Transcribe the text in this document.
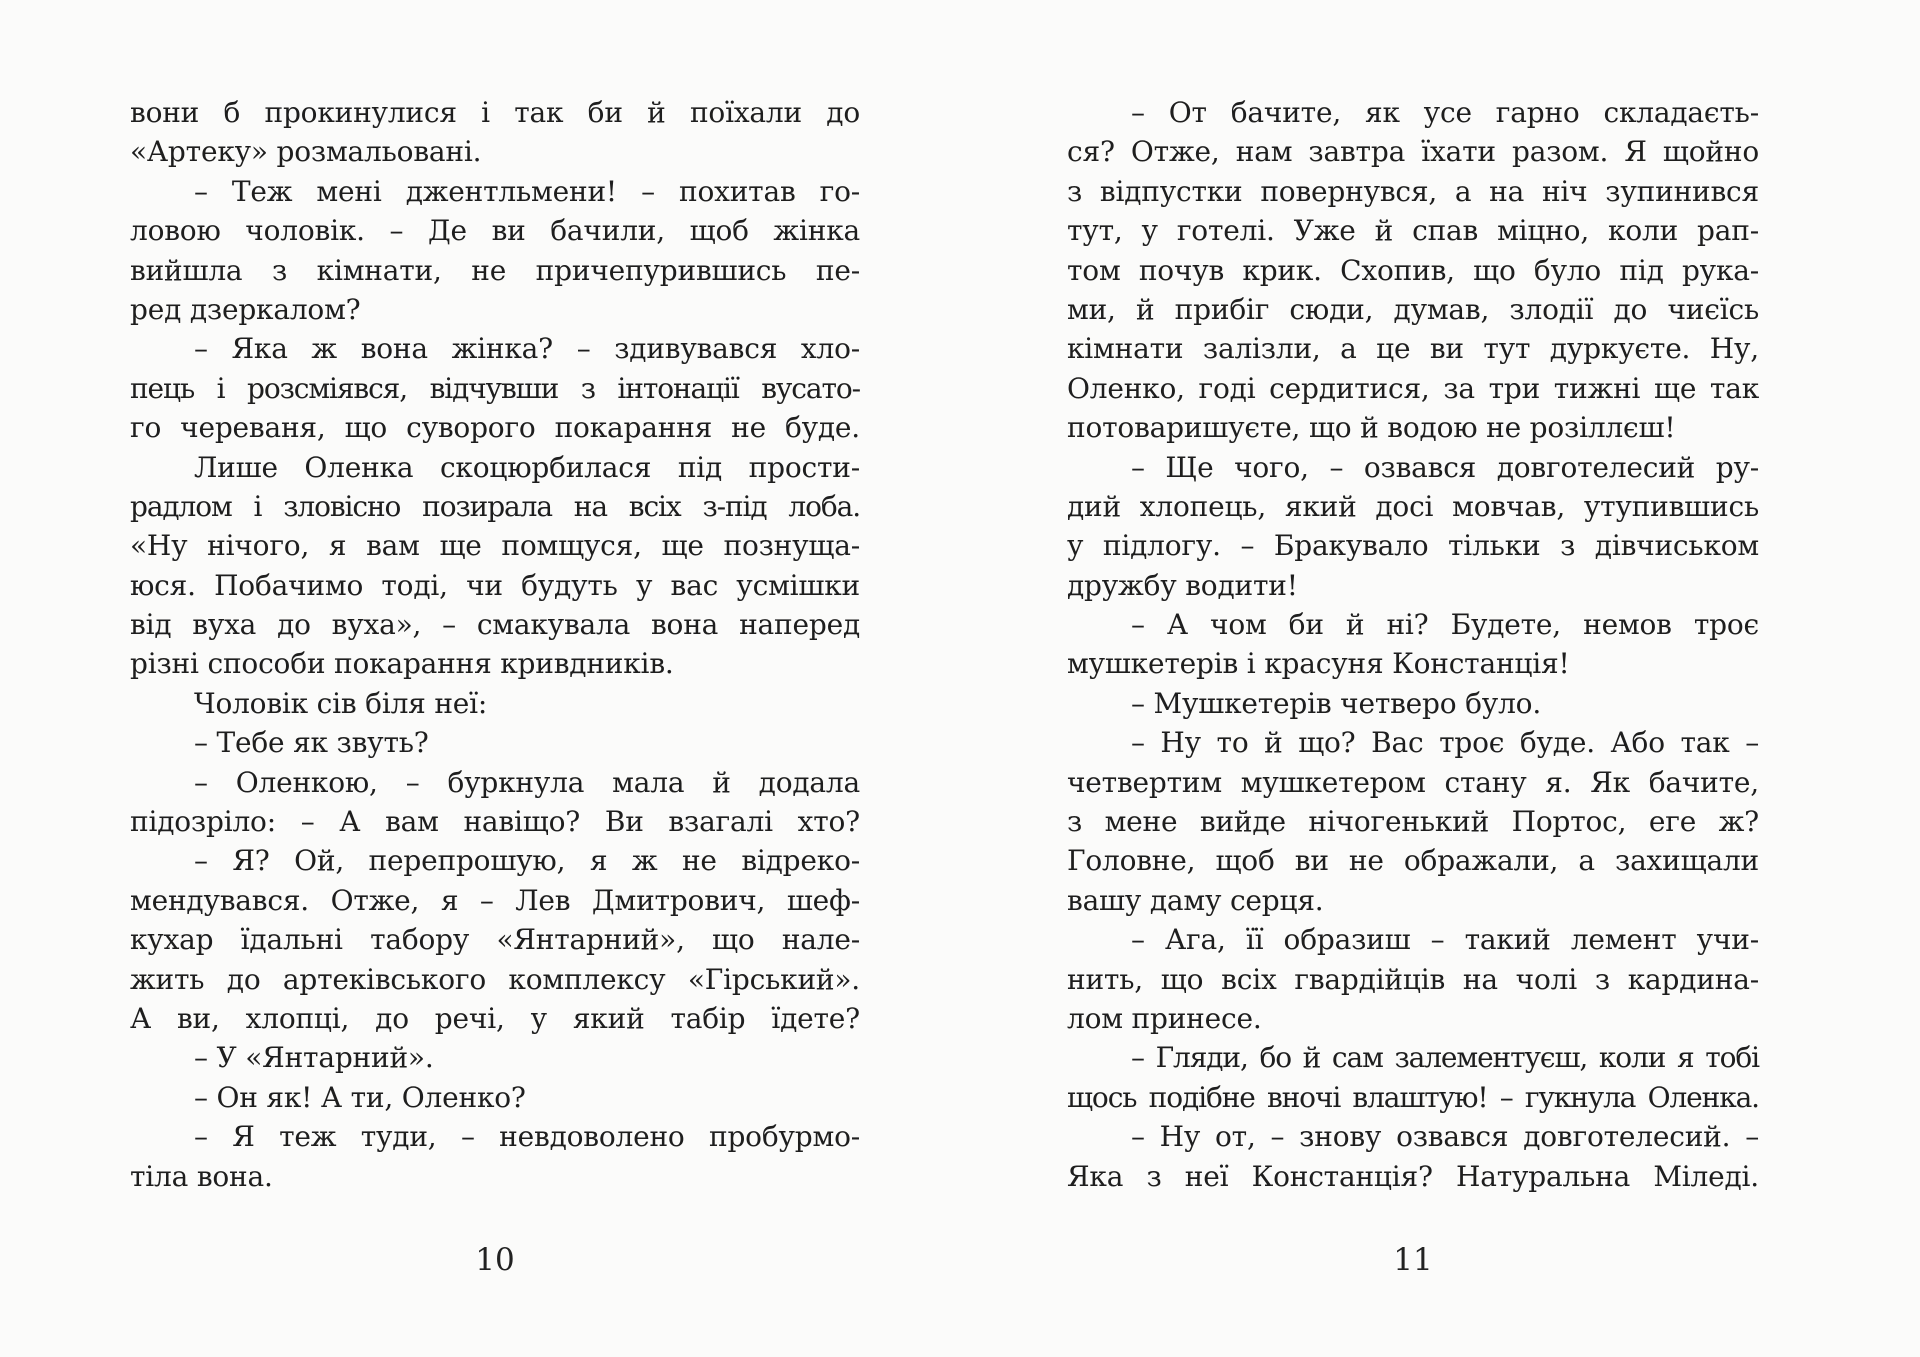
вони б прокинулися і так би й поїхали до
«Артеку» розмальовані.
– Теж мені джентльмени! – похитав го-
ловою чоловік. – Де ви бачили, щоб жінка
вийшла з кімнати, не причепурившись пе-
ред дзеркалом?
– Яка ж вона жінка? – здивувався хло-
пець і розсміявся, відчувши з інтонації вусато-
го череваня, що суворого покарання не буде.
Лише Оленка скоцюрбилася під прости-
радлом і зловісно позирала на всіх з-під лоба.
«Ну нічого, я вам ще помщуся, ще познуща-
юся. Побачимо тоді, чи будуть у вас усмішки
від вуха до вуха», – смакувала вона наперед
різні способи покарання кривдників.
Чоловік сів біля неї:
– Тебе як звуть?
– Оленкою, – буркнула мала й додала
підозріло: – А вам навіщо? Ви взагалі хто?
– Я? Ой, перепрошую, я ж не відреко-
мендувався. Отже, я – Лев Дмитрович, шеф-
кухар їдальні табору «Янтарний», що нале-
жить до артеківського комплексу «Гірський».
А ви, хлопці, до речі, у який табір їдете?
– У «Янтарний».
– Он як! А ти, Оленко?
– Я теж туди, – невдоволено пробурмо-
тіла вона.
10
– От бачите, як усе гарно складаєть-
ся? Отже, нам завтра їхати разом. Я щойно
з відпустки повернувся, а на ніч зупинився
тут, у готелі. Уже й спав міцно, коли рап-
том почув крик. Схопив, що було під рука-
ми, й прибіг сюди, думав, злодії до чиєїсь
кімнати залізли, а це ви тут дуркуєте. Ну,
Оленко, годі сердитися, за три тижні ще так
потоваришуєте, що й водою не розіллєш!
– Ще чого, – озвався довготелесий ру-
дий хлопець, який досі мовчав, утупившись
у підлогу. – Бракувало тільки з дівчиськом
дружбу водити!
– А чом би й ні? Будете, немов троє
мушкетерів і красуня Констанція!
– Мушкетерів четверо було.
– Ну то й що? Вас троє буде. Або так –
четвертим мушкетером стану я. Як бачите,
з мене вийде нічогенький Портос, еге ж?
Головне, щоб ви не ображали, а захищали
вашу даму серця.
– Ага, її образиш – такий лемент учи-
нить, що всіх гвардійців на чолі з кардина-
лом принесе.
– Гляди, бо й сам залементуєш, коли я тобі
щось подібне вночі влаштую! – гукнула Оленка.
– Ну от, – знову озвався довготелесий. –
Яка з неї Констанція? Натуральна Міледі.
11
